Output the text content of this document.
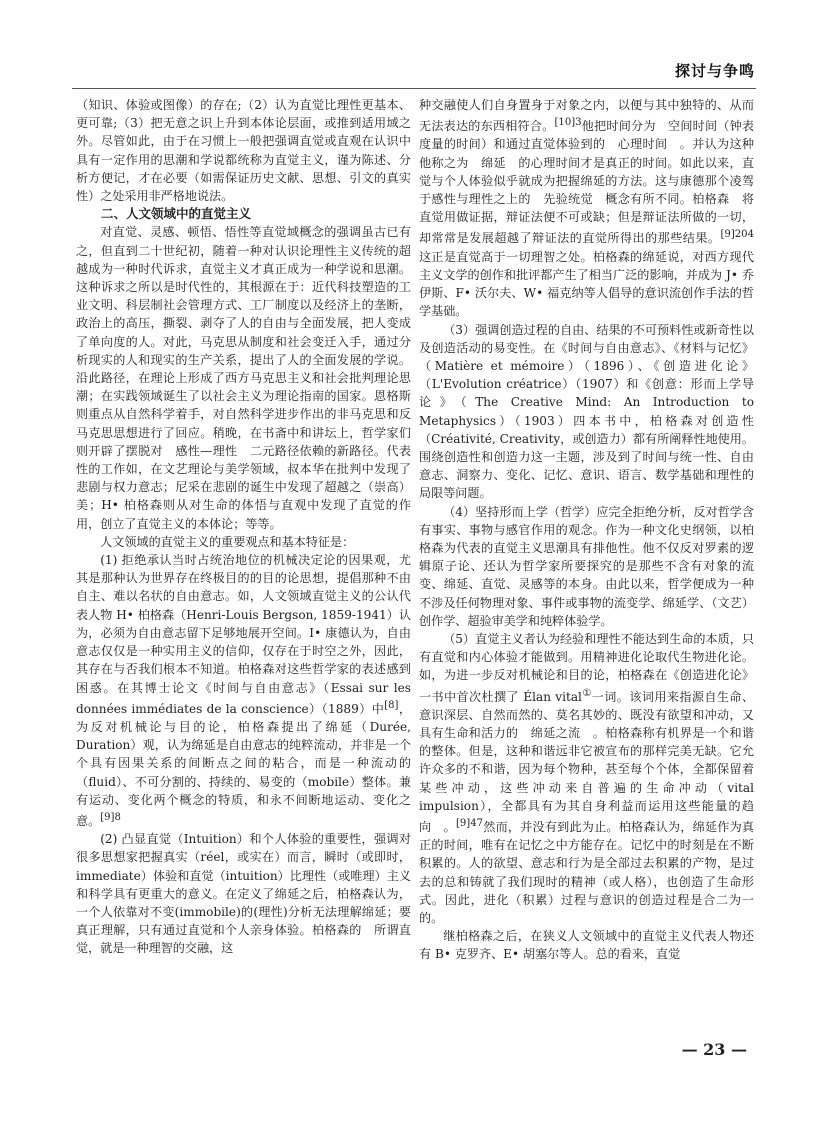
探讨与争鸣

（知识、体验或图像）的存在;（2）认为直觉比理性更基本、更可靠;（3）把无意之识上升到本体论层面，或推到适用域之外。尽管如此，由于在习惯上一般把强调直觉或直观在认识中具有一定作用的思潮和学说都统称为直觉主义，谨为陈述、分析方便记，才在必要（如需保证历史文献、思想、引文的真实性）之处采用非严格地说法。

二、人文领域中的直觉主义

对直觉、灵感、顿悟、悟性等直觉域概念的强调虽古已有之，但直到二十世纪初，随着一种对认识论理性主义传统的超越成为一种时代诉求，直觉主义才真正成为一种学说和思潮。这种诉求之所以是时代性的，其根源在于：近代科技塑造的工业文明、科层制社会管理方式、工厂制度以及经济上的垄断，政治上的高压，撕裂、剥夺了人的自由与全面发展，把人变成了单向度的人。对此，马克思从制度和社会变迁入手，通过分析现实的人和现实的生产关系，提出了人的全面发展的学说。沿此路径，在理论上形成了西方马克思主义和社会批判理论思潮；在实践领域诞生了以社会主义为理论指南的国家。恩格斯则重点从自然科学着手，对自然科学进步作出的非马克思和反马克思思想进行了回应。稍晚，在书斋中和讲坛上，哲学家们则开辟了摆脱对　感性—理性　二元路径依赖的新路径。代表性的工作如，在文艺理论与美学领域，叔本华在批判中发现了悲剧与权力意志；尼采在悲剧的诞生中发现了超越之（崇高）美；H• 柏格森则从对生命的体悟与直观中发现了直觉的作用，创立了直觉主义的本体论；等等。

人文领域的直觉主义的重要观点和基本特征是：

(1) 拒绝承认当时占统治地位的机械决定论的因果观，尤其是那种认为世界存在终极目的的目的论思想，提倡那种不由自主、难以名状的自由意志。如，人文领域直觉主义的公认代表人物 H• 柏格森（Henri-Louis Bergson, 1859-1941）认为，必须为自由意志留下足够地展开空间。I• 康德认为，自由意志仅仅是一种实用主义的信仰，仅存在于时空之外，因此，其存在与否我们根本不知道。柏格森对这些哲学家的表述感到困惑。在其博士论文《时间与自由意志》（Essai sur les données immédiates de la conscience）（1889）中[8]，为反对机械论与目的论，柏格森提出了绵延（Durée, Duration）观，认为绵延是自由意志的纯粹流动，并非是一个个具有因果关系的间断点之间的粘合，而是一种流动的（fluid）、不可分割的、持续的、易变的（mobile）整体。兼有运动、变化两个概念的特质，和永不间断地运动、变化之意。$^{[9]8}$

(2) 凸显直觉（Intuition）和个人体验的重要性，强调对很多思想家把握真实（réel，或实在）而言，瞬时（或即时，immediate）体验和直觉（intuition）比理性（或唯理）主义和科学具有更重大的意义。在定义了绵延之后，柏格森认为，一个人依靠对不变(immobile)的(理性)分析无法理解绵延；要真正理解，只有通过直觉和个人亲身体验。柏格森的　所谓直觉，就是一种理智的交融，这

种交融使人们自身置身于对象之内，以便与其中独特的、从而无法表达的东西相符合。$^{[10]3}$他把时间分为　空间时间（钟表度量的时间）和通过直觉体验到的　心理时间　。并认为这种他称之为　绵延　的心理时间才是真正的时间。如此以来，直觉与个人体验似乎就成为把握绵延的方法。这与康德那个凌驾于感性与理性之上的　先验统觉　概念有所不同。柏格森　将直觉用做证据，辩证法便不可或缺；但是辩证法所做的一切，却常常是发展超越了辩证法的直觉所得出的那些结果。$^{[9]204}$这正是直觉高于一切理智之处。柏格森的绵延说，对西方现代主义文学的创作和批评都产生了相当广泛的影响，并成为 J• 乔伊斯、F• 沃尔夫、W• 福克纳等人倡导的意识流创作手法的哲学基础。

（3）强调创造过程的自由、结果的不可预料性或新奇性以及创造活动的易变性。在《时间与自由意志》、《材料与记忆》（Matière et mémoire）（1896）、《创造进化论》（L'Evolution créatrice）（1907）和《创意：形而上学导论》（The Creative Mind: An Introduction to Metaphysics）（1903）四本书中，柏格森对创造性（Créativité, Creativity，或创造力）都有所阐释性地使用。围绕创造性和创造力这一主题，涉及到了时间与统一性、自由意志、洞察力、变化、记忆、意识、语言、数学基础和理性的局限等问题。

（4）坚持形而上学（哲学）应完全拒绝分析，反对哲学含有事实、事物与感官作用的观念。作为一种文化史纲领，以柏格森为代表的直觉主义思潮具有排他性。他不仅反对罗素的逻辑原子论、还认为哲学家所要探究的是那些不含有对象的流变、绵延、直觉、灵感等的本身。由此以来，哲学便成为一种不涉及任何物理对象、事件或事物的流变学、绵延学、（文艺）创作学、超验审美学和纯粹体验学。

（5）直觉主义者认为经验和理性不能达到生命的本质，只有直觉和内心体验才能做到。用精神进化论取代生物进化论。如，为进一步反对机械论和目的论，柏格森在《创造进化论》一书中首次杜撰了 Élan vital①一词。该词用来指源自生命、意识深层、自然而然的、莫名其妙的、既没有欲望和冲动，又具有生命和活力的　绵延之流　。柏格森称有机界是一个和谐的整体。但是，这种和谐远非它被宣布的那样完美无缺。它允许众多的不和谐，因为每个物种，甚至每个个体，全都保留着某些冲动，这些冲动来自普遍的生命冲动（vital impulsion），全都具有为其自身利益而运用这些能量的趋向　。$^{[9]47}$然而，并没有到此为止。柏格森认为，绵延作为真正的时间，唯有在记忆之中方能存在。记忆中的时刻是在不断积累的。人的欲望、意志和行为是全部过去积累的产物，是过去的总和铸就了我们现时的精神（或人格），也创造了生命形式。因此，进化（积累）过程与意识的创造过程是合二为一的。

继柏格森之后，在狭义人文领域中的直觉主义代表人物还有 B• 克罗齐、E• 胡塞尔等人。总的看来，直觉

— 23 —
